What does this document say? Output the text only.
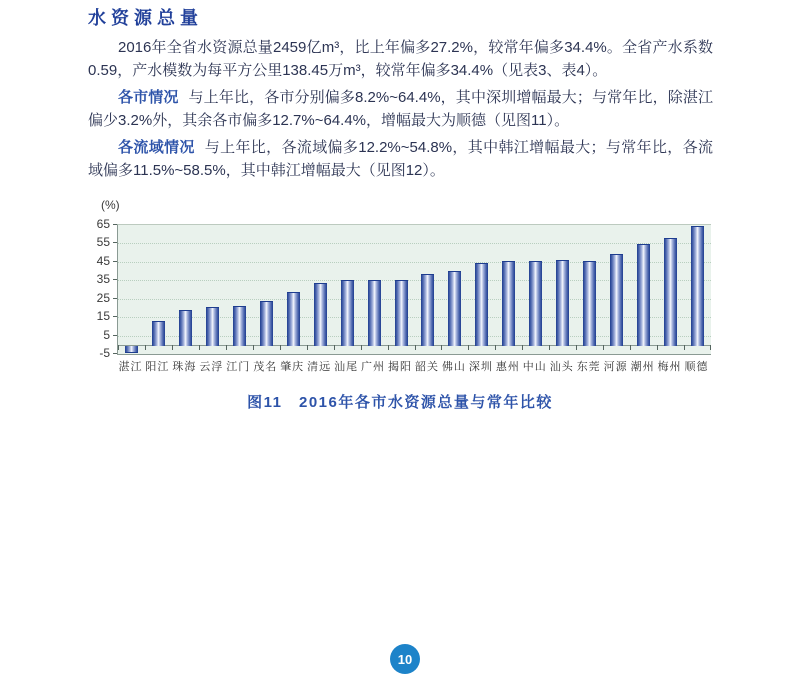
水资源总量

2016年全省水资源总量2459亿m³，比上年偏多27.2%，较常年偏多34.4%。全省产水系数0.59，产水模数为每平方公里138.45万m³，较常年偏多34.4%（见表3、表4）。

各市情况 与上年比，各市分别偏多8.2%~64.4%，其中深圳增幅最大；与常年比，除湛江偏少3.2%外，其余各市偏多12.7%~64.4%，增幅最大为顺德（见图11）。

各流域情况 与上年比，各流域偏多12.2%~54.8%，其中韩江增幅最大；与常年比，各流域偏多11.5%~58.5%，其中韩江增幅最大（见图12）。

(%)
65
55
45
35
25
15
5
-5
湛江 阳江 珠海 云浮 江门 茂名 肇庆 清远 汕尾 广州 揭阳 韶关 佛山 深圳 惠州 中山 汕头 东莞 河源 潮州 梅州 顺德
图11　2016年各市水资源总量与常年比较
10
